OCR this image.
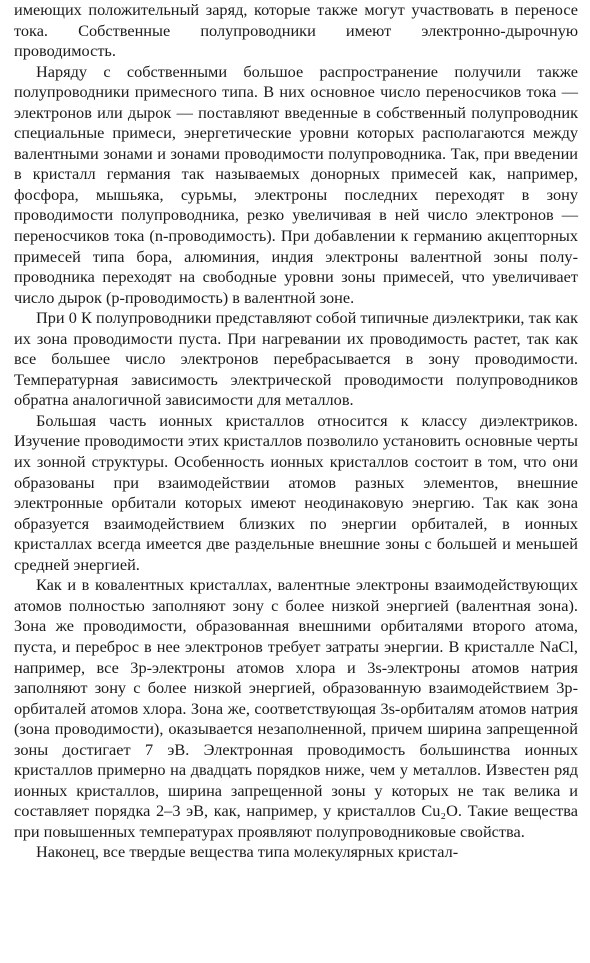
имеющих положительный заряд, которые также могут участвовать в переносе тока. Собственные полупроводники имеют электронно-дырочную проводимость.

Наряду с собственными большое распространение получили также полупроводники примесного типа. В них основное число переносчиков тока — электронов или дырок — поставляют введенные в собственный полупроводник специальные примеси, энергетические уровни которых располагаются между валентными зонами и зонами проводимости полупроводника. Так, при введении в кристалл германия так называемых донорных примесей как, например, фосфора, мышьяка, сурьмы, электроны последних переходят в зону проводимости полупроводника, резко увеличивая в ней число электронов — переносчиков тока (n-проводимость). При добавлении к германию акцепторных примесей типа бора, алюминия, индия электроны валентной зоны полупроводника переходят на свободные уровни зоны примесей, что увеличивает число дырок (p-проводимость) в валентной зоне.

При 0 К полупроводники представляют собой типичные диэлектрики, так как их зона проводимости пуста. При нагревании их проводимость растет, так как все большее число электронов перебрасывается в зону проводимости. Температурная зависимость электрической проводимости полупроводников обратна аналогичной зависимости для металлов.

Большая часть ионных кристаллов относится к классу диэлектриков. Изучение проводимости этих кристаллов позволило установить основные черты их зонной структуры. Особенность ионных кристаллов состоит в том, что они образованы при взаимодействии атомов разных элементов, внешние электронные орбитали которых имеют неодинаковую энергию. Так как зона образуется взаимодействием близких по энергии орбиталей, в ионных кристаллах всегда имеется две раздельные внешние зоны с большей и меньшей средней энергией.

Как и в ковалентных кристаллах, валентные электроны взаимодействующих атомов полностью заполняют зону с более низкой энергией (валентная зона). Зона же проводимости, образованная внешними орбиталями второго атома, пуста, и переброс в нее электронов требует затраты энергии. В кристалле NaCl, например, все 3p-электроны атомов хлора и 3s-электроны атомов натрия заполняют зону с более низкой энергией, образованную взаимодействием 3p-орбиталей атомов хлора. Зона же, соответствующая 3s-орбиталям атомов натрия (зона проводимости), оказывается незаполненной, причем ширина запрещенной зоны достигает 7 эВ. Электронная проводимость большинства ионных кристаллов примерно на двадцать порядков ниже, чем у металлов. Известен ряд ионных кристаллов, ширина запрещенной зоны у которых не так велика и составляет порядка 2–3 эВ, как, например, у кристаллов Cu₂O. Такие вещества при повышенных температурах проявляют полупроводниковые свойства.

Наконец, все твердые вещества типа молекулярных кристал-
